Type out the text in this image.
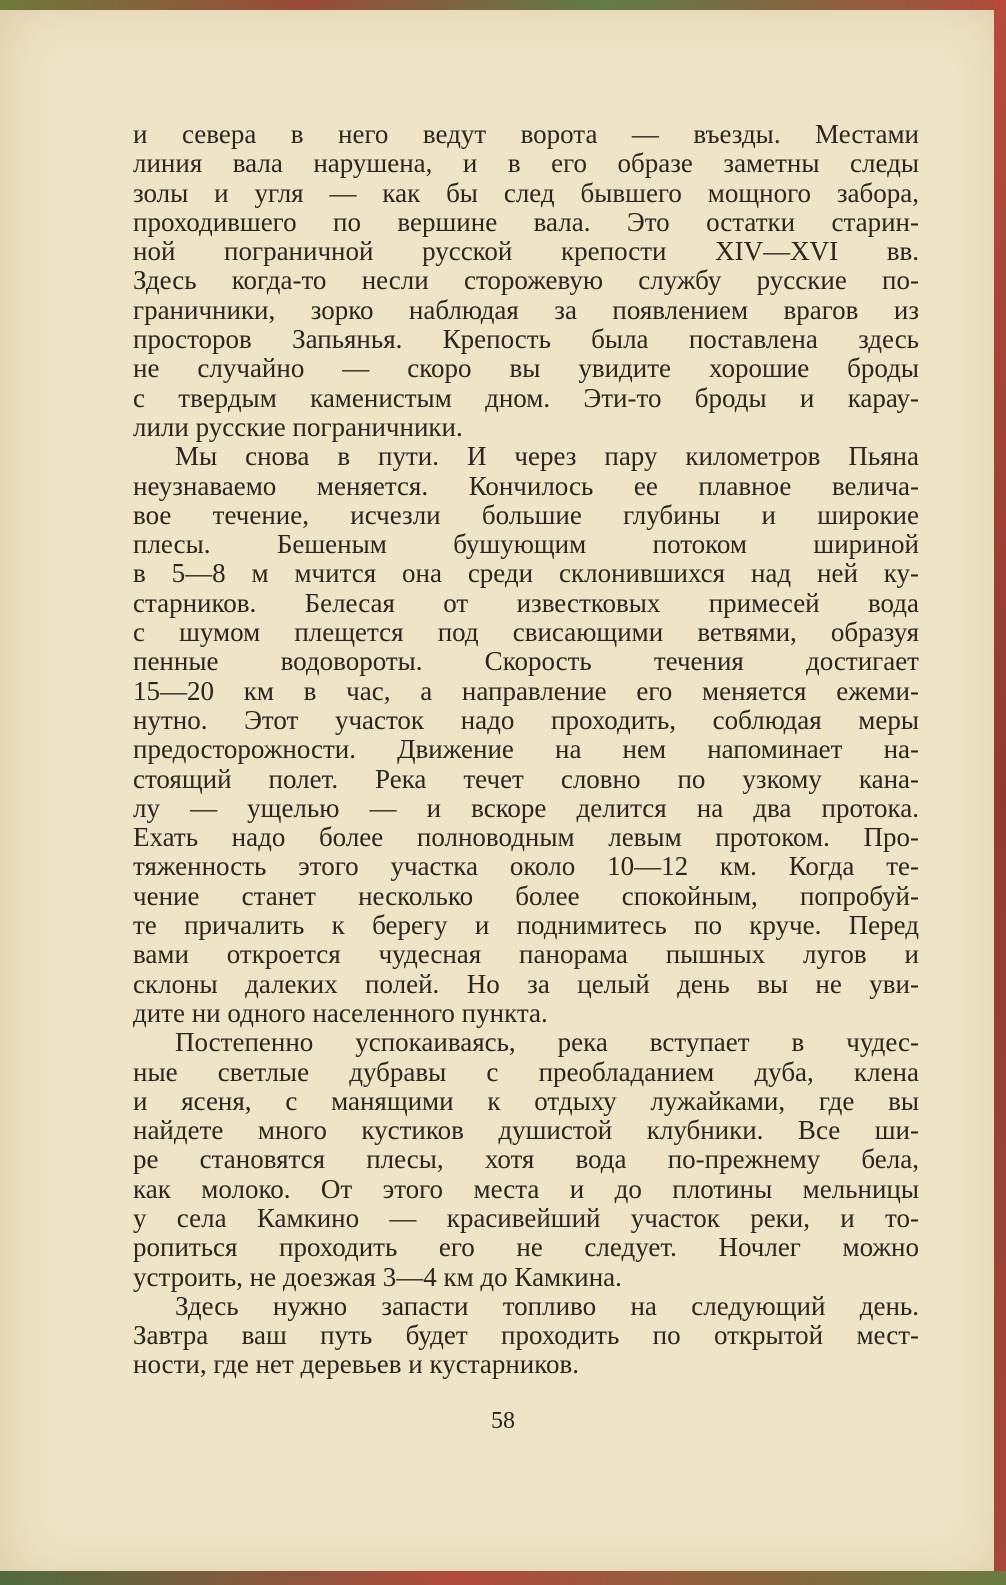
и севера в него ведут ворота — въезды. Местами
линия вала нарушена, и в его образе заметны следы
золы и угля — как бы след бывшего мощного забора,
проходившего по вершине вала. Это остатки старин-
ной пограничной русской крепости XIV—XVI вв.
Здесь когда-то несли сторожевую службу русские по-
граничники, зорко наблюдая за появлением врагов из
просторов Запьянья. Крепость была поставлена здесь
не случайно — скоро вы увидите хорошие броды
с твердым каменистым дном. Эти-то броды и карау-
лили русские пограничники.
Мы снова в пути. И через пару километров Пьяна
неузнаваемо меняется. Кончилось ее плавное велича-
вое течение, исчезли большие глубины и широкие
плесы. Бешеным бушующим потоком шириной
в 5—8 м мчится она среди склонившихся над ней ку-
старников. Белесая от известковых примесей вода
с шумом плещется под свисающими ветвями, образуя
пенные водовороты. Скорость течения достигает
15—20 км в час, а направление его меняется ежеми-
нутно. Этот участок надо проходить, соблюдая меры
предосторожности. Движение на нем напоминает на-
стоящий полет. Река течет словно по узкому кана-
лу — ущелью — и вскоре делится на два протока.
Ехать надо более полноводным левым протоком. Про-
тяженность этого участка около 10—12 км. Когда те-
чение станет несколько более спокойным, попробуй-
те причалить к берегу и поднимитесь по круче. Перед
вами откроется чудесная панорама пышных лугов и
склоны далеких полей. Но за целый день вы не уви-
дите ни одного населенного пункта.
Постепенно успокаиваясь, река вступает в чудес-
ные светлые дубравы с преобладанием дуба, клена
и ясеня, с манящими к отдыху лужайками, где вы
найдете много кустиков душистой клубники. Все ши-
ре становятся плесы, хотя вода по-прежнему бела,
как молоко. От этого места и до плотины мельницы
у села Камкино — красивейший участок реки, и то-
ропиться проходить его не следует. Ночлег можно
устроить, не доезжая 3—4 км до Камкина.
Здесь нужно запасти топливо на следующий день.
Завтра ваш путь будет проходить по открытой мест-
ности, где нет деревьев и кустарников.
58
